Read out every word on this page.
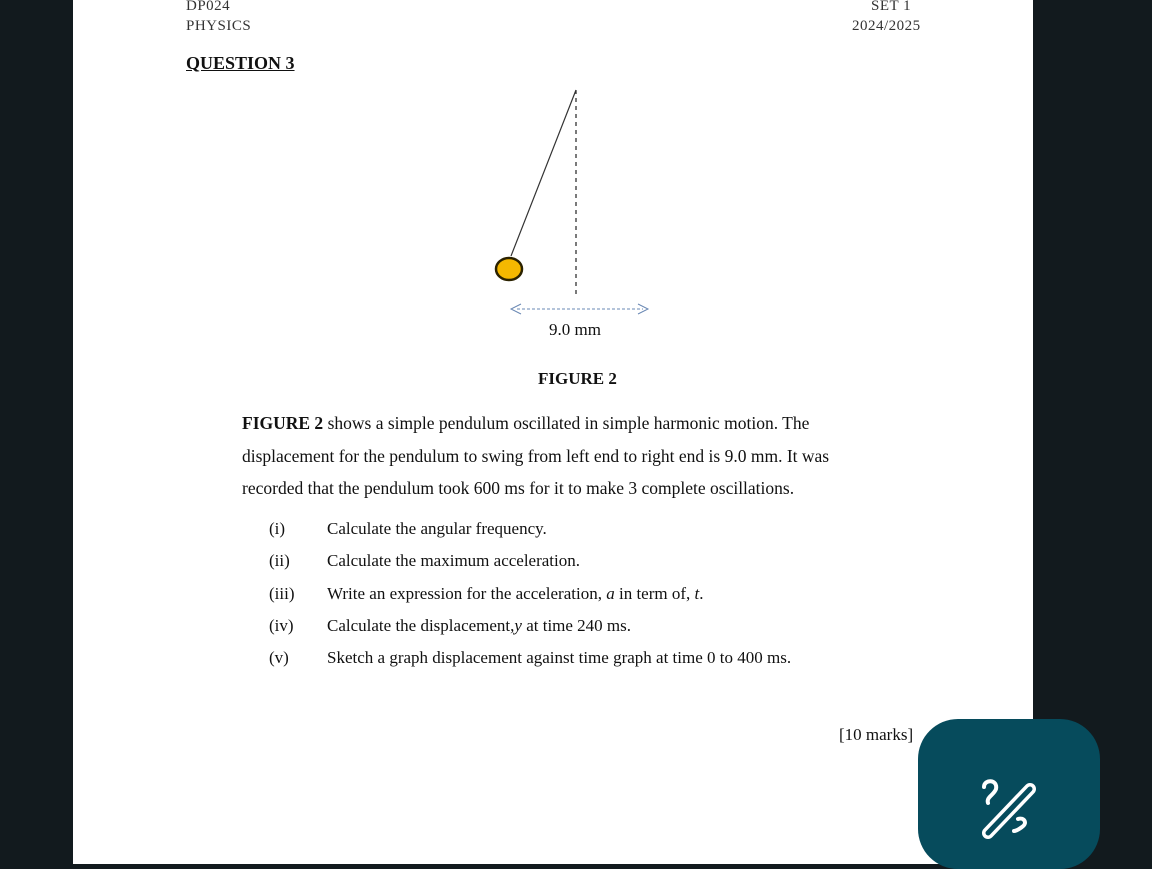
DP024
PHYSICS
SET 1
2024/2025
QUESTION 3
9.0 mm
FIGURE 2
FIGURE 2 shows a simple pendulum oscillated in simple harmonic motion. The
displacement for the pendulum to swing from left end to right end is 9.0 mm. It was
recorded that the pendulum took 600 ms for it to make 3 complete oscillations.
(i)	Calculate the angular frequency.
(ii)	Calculate the maximum acceleration.
(iii)	Write an expression for the acceleration, a in term of, t.
(iv)	Calculate the displacement,y at time 240 ms.
(v)	Sketch a graph displacement against time graph at time 0 to 400 ms.
[10 marks]
